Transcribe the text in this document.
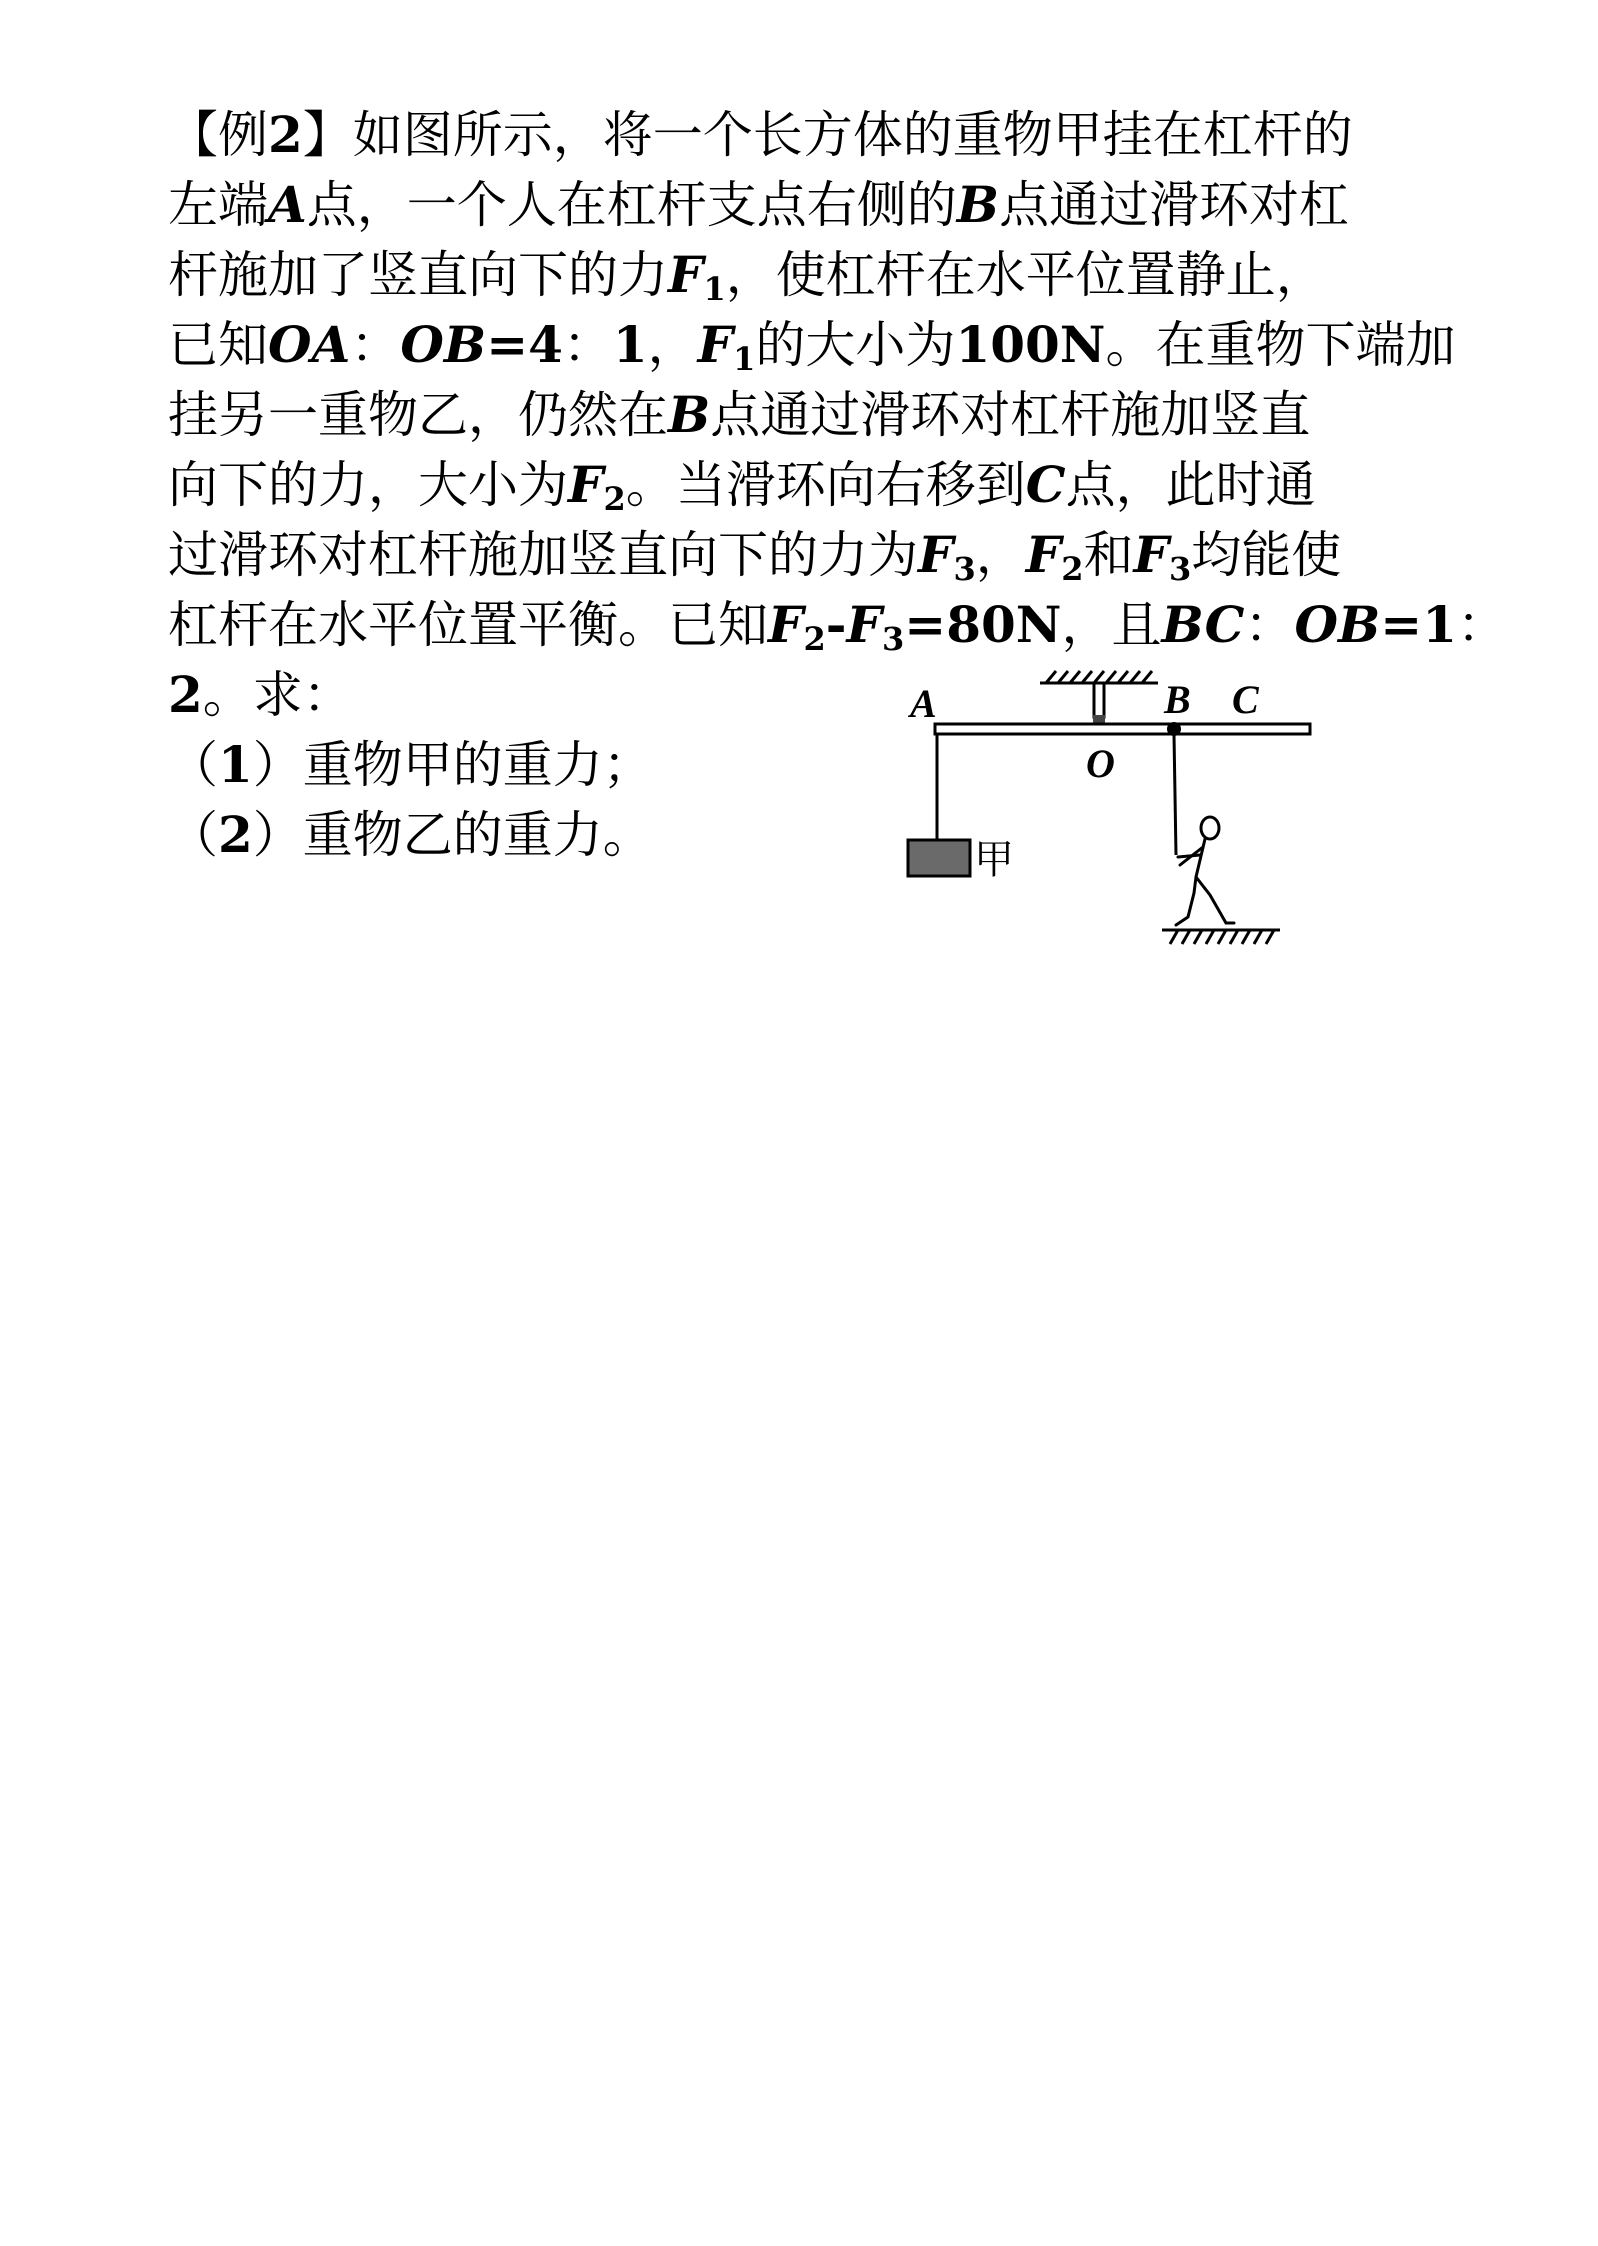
【例2】如图所示，将一个长方体的重物甲挂在杠杆的
左端A点，一个人在杠杆支点右侧的B点通过滑环对杠
杆施加了竖直向下的力$F_1$，使杠杆在水平位置静止，
已知OA：OB=4：1，$F_1$的大小为100N。在重物下端加
挂另一重物乙，仍然在B点通过滑环对杠杆施加竖直
向下的力，大小为$F_2$。当滑环向右移到C点，此时通
过滑环对杠杆施加竖直向下的力为$F_3$，$F_2$和$F_3$均能使
杠杆在水平位置平衡。已知$F_2-F_3=80N$，且BC：OB=1：
2。求：
（1）重物甲的重力；
（2）重物乙的重力。
A	B C
O
甲
